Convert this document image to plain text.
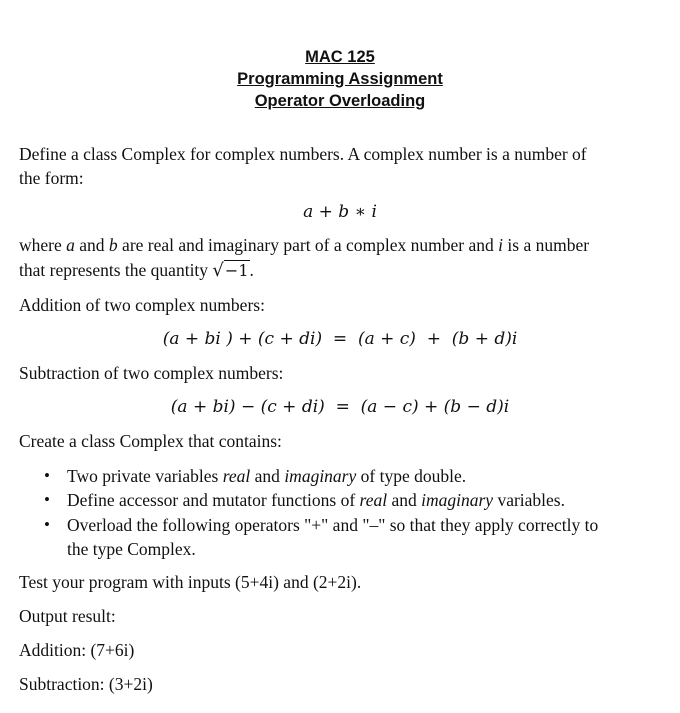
MAC 125
Programming Assignment
Operator Overloading
Define a class Complex for complex numbers. A complex number is a number of
the form:
a + b ∗ i
where a and b are real and imaginary part of a complex number and i is a number
that represents the quantity √−1.
Addition of two complex numbers:
(a + bi ) + (c + di)  =  (a + c)  +  (b + d)i
Subtraction of two complex numbers:
(a + bi) − (c + di)  =  (a − c) + (b − d)i
Create a class Complex that contains:
• Two private variables real and imaginary of type double.
• Define accessor and mutator functions of real and imaginary variables.
• Overload the following operators "+" and "–" so that they apply correctly to
the type Complex.
Test your program with inputs (5+4i) and (2+2i).
Output result:
Addition: (7+6i)
Subtraction: (3+2i)
